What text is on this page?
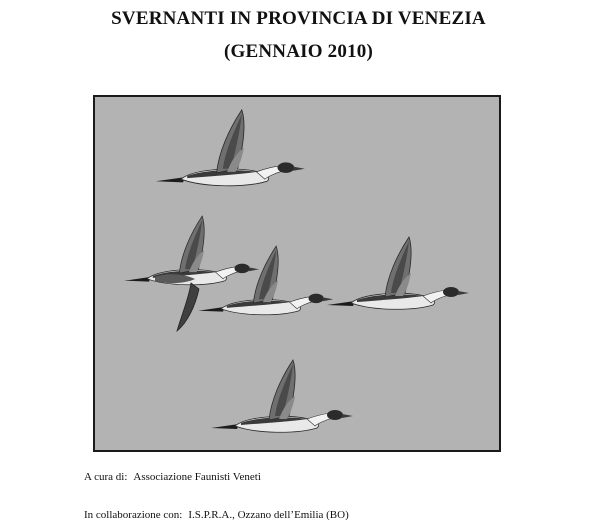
SVERNANTI IN PROVINCIA DI VENEZIA
(GENNAIO 2010)
A cura di: Associazione Faunisti Veneti
In collaborazione con: I.S.P.R.A., Ozzano dell’Emilia (BO)
